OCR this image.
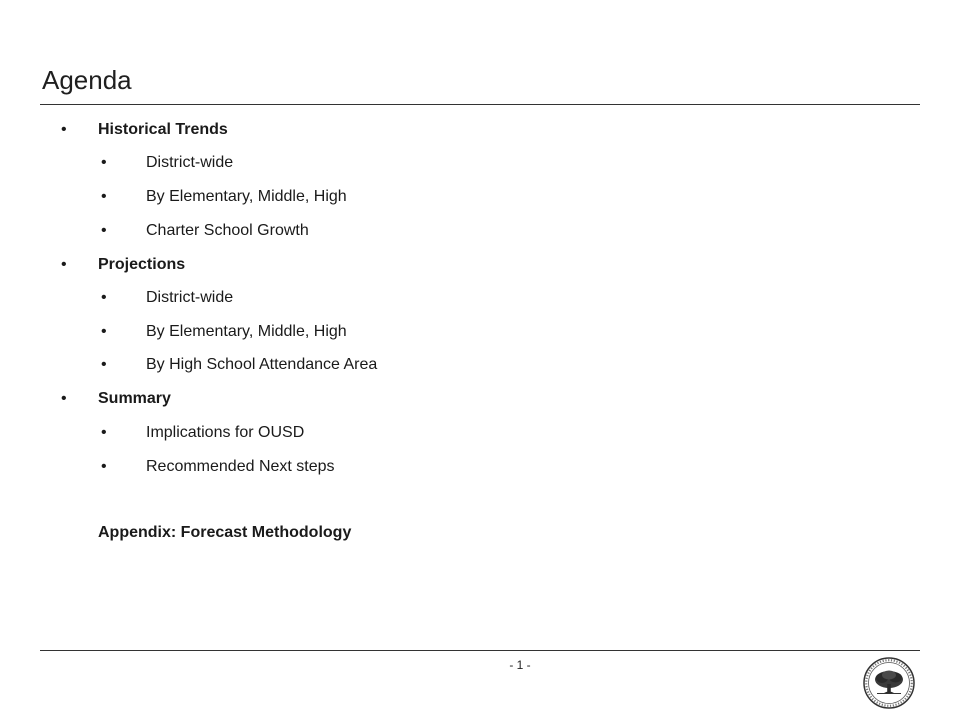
Agenda
• Historical Trends
• District-wide
• By Elementary, Middle, High
• Charter School Growth
• Projections
• District-wide
• By Elementary, Middle, High
• By High School Attendance Area
• Summary
• Implications for OUSD
• Recommended Next steps
Appendix: Forecast Methodology
- 1 -
